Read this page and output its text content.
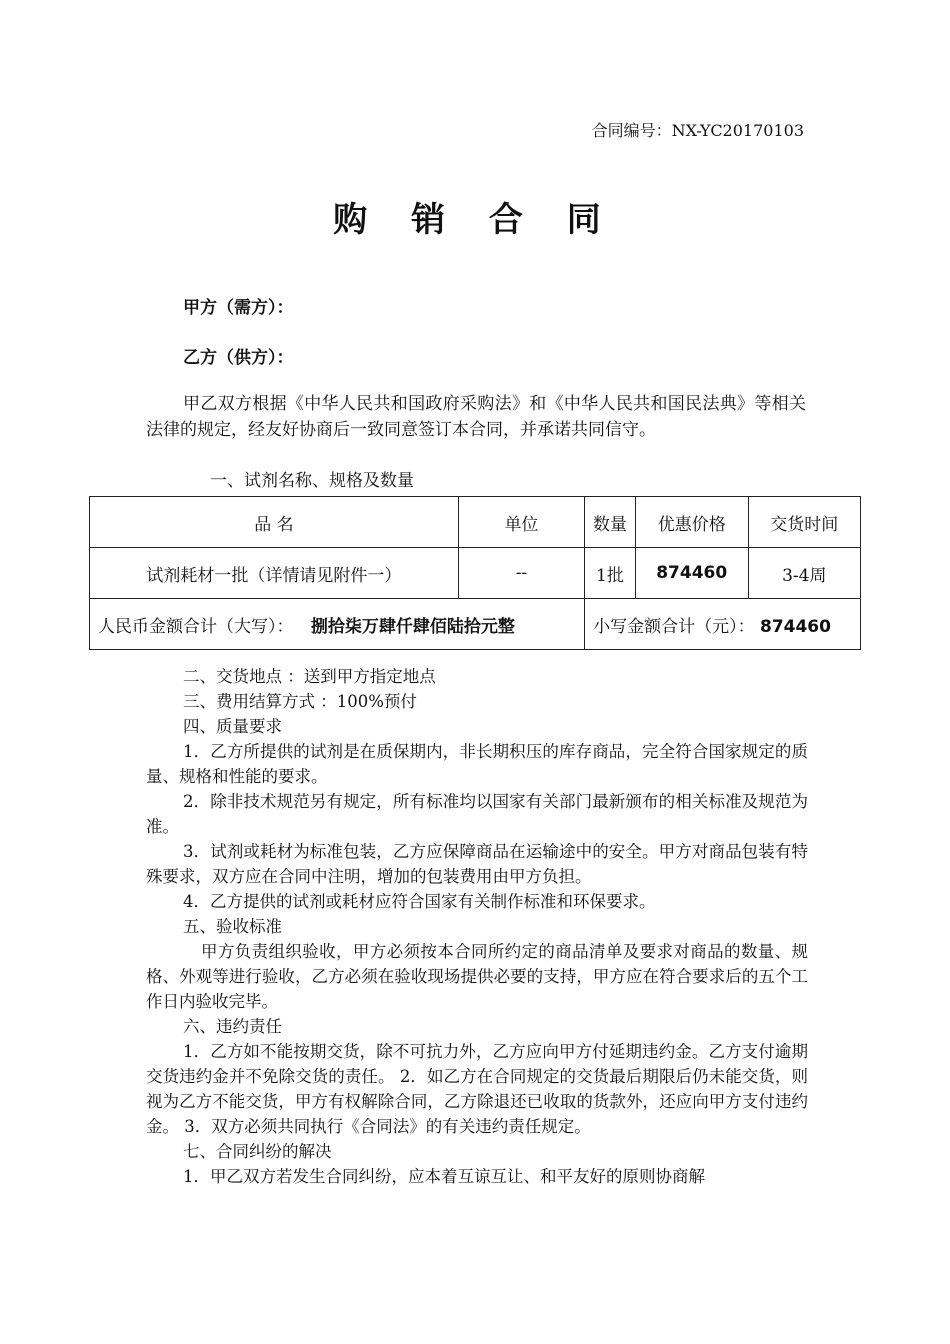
合同编号：NX-YC20170103
购 销 合 同
甲方（需方）：
乙方（供方）：
甲乙双方根据《中华人民共和国政府采购法》和《中华人民共和国民法典》等相关法律的规定，经友好协商后一致同意签订本合同，并承诺共同信守。
一、试剂名称、规格及数量
品 名	单位	数量	优惠价格	交货时间
试剂耗材一批（详情请见附件一）	--	1批	874460	3-4周
人民币金额合计（大写）： 捌拾柒万肆仟肆佰陆拾元整		小写金额合计（元）： 874460		

二、交货地点 ：送到甲方指定地点

三、费用结算方式 ：100%预付

四、质量要求

1．乙方所提供的试剂是在质保期内，非长期积压的库存商品，完全符合国家规定的质量、规格和性能的要求。

2．除非技术规范另有规定，所有标准均以国家有关部门最新颁布的相关标准及规范为准。

3．试剂或耗材为标准包装，乙方应保障商品在运输途中的安全。甲方对商品包装有特殊要求，双方应在合同中注明，增加的包装费用由甲方负担。

4．乙方提供的试剂或耗材应符合国家有关制作标准和环保要求。

五、验收标准

甲方负责组织验收，甲方必须按本合同所约定的商品清单及要求对商品的数量、规格、外观等进行验收，乙方必须在验收现场提供必要的支持，甲方应在符合要求后的五个工作日内验收完毕。

六、违约责任

1．乙方如不能按期交货，除不可抗力外，乙方应向甲方付延期违约金。乙方支付逾期交货违约金并不免除交货的责任。 2．如乙方在合同规定的交货最后期限后仍未能交货，则视为乙方不能交货，甲方有权解除合同，乙方除退还已收取的货款外，还应向甲方支付违约金。 3．双方必须共同执行《合同法》的有关违约责任规定。

七、合同纠纷的解决

1．甲乙双方若发生合同纠纷，应本着互谅互让、和平友好的原则协商解
